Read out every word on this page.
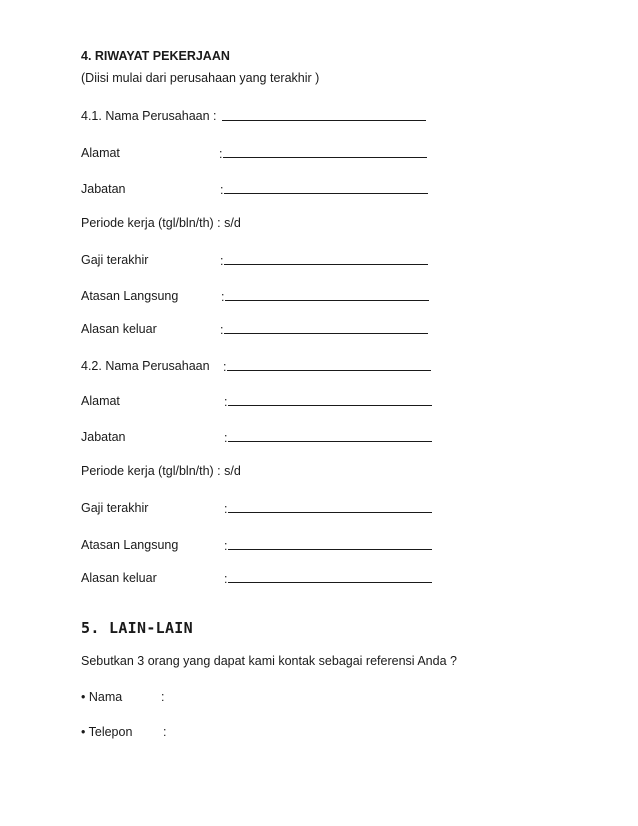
4. RIWAYAT PEKERJAAN
(Diisi mulai dari perusahaan yang terakhir )
4.1. Nama Perusahaan :
Alamat	:
Jabatan	:
Periode kerja (tgl/bln/th) : s/d
Gaji terakhir	:
Atasan Langsung	:
Alasan keluar	:
4.2. Nama Perusahaan :
Alamat	:
Jabatan	:
Periode kerja (tgl/bln/th) : s/d
Gaji terakhir	:
Atasan Langsung	:
Alasan keluar	:
5. LAIN-LAIN
Sebutkan 3 orang yang dapat kami kontak sebagai referensi Anda ?
• Nama	:
• Telepon :
